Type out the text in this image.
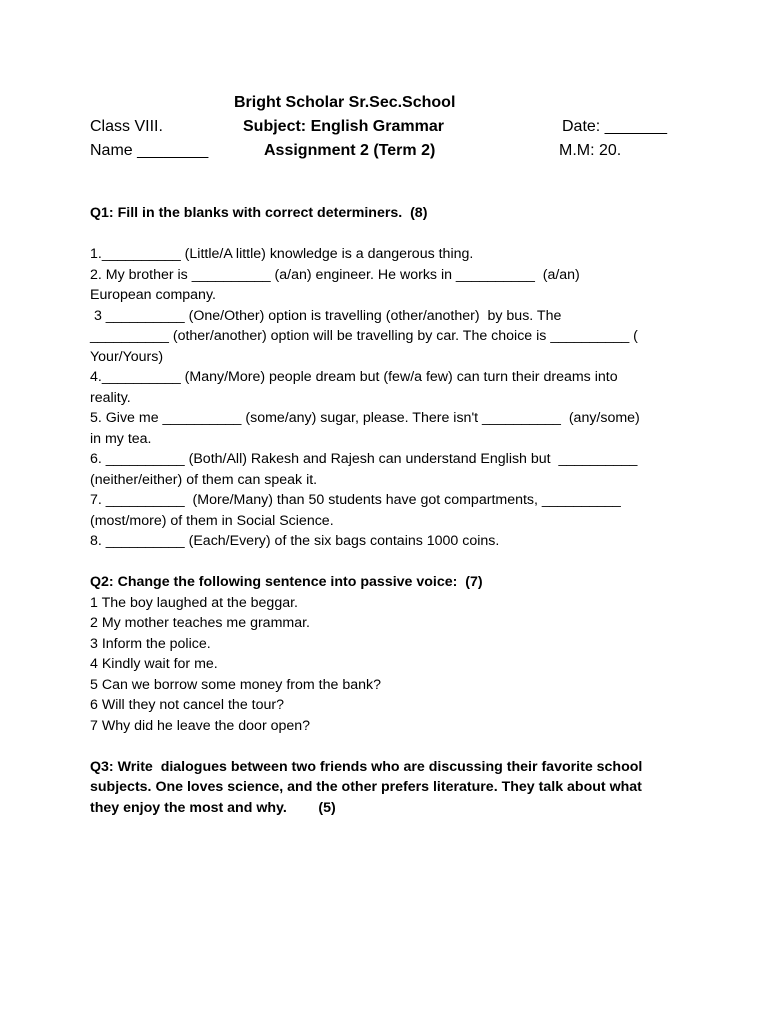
Bright Scholar Sr.Sec.School
Class VIII.	Subject: English Grammar	Date: _______
Name ________	Assignment 2 (Term 2)	M.M: 20.
Q1: Fill in the blanks with correct determiners.  (8)
1.__________ (Little/A little) knowledge is a dangerous thing.
2. My brother is __________ (a/an) engineer. He works in __________  (a/an)
European company.
3 __________ (One/Other) option is travelling (other/another)  by bus. The
__________ (other/another) option will be travelling by car. The choice is __________ (
Your/Yours)
4.__________ (Many/More) people dream but (few/a few) can turn their dreams into
reality.
5. Give me __________ (some/any) sugar, please. There isn't __________  (any/some)
in my tea.
6. __________ (Both/All) Rakesh and Rajesh can understand English but  __________
(neither/either) of them can speak it.
7. __________  (More/Many) than 50 students have got compartments, __________
(most/more) of them in Social Science.
8. __________ (Each/Every) of the six bags contains 1000 coins.
Q2: Change the following sentence into passive voice:  (7)
1 The boy laughed at the beggar.
2 My mother teaches me grammar.
3 Inform the police.
4 Kindly wait for me.
5 Can we borrow some money from the bank?
6 Will they not cancel the tour?
7 Why did he leave the door open?
Q3: Write  dialogues between two friends who are discussing their favorite school
subjects. One loves science, and the other prefers literature. They talk about what
they enjoy the most and why.        (5)
